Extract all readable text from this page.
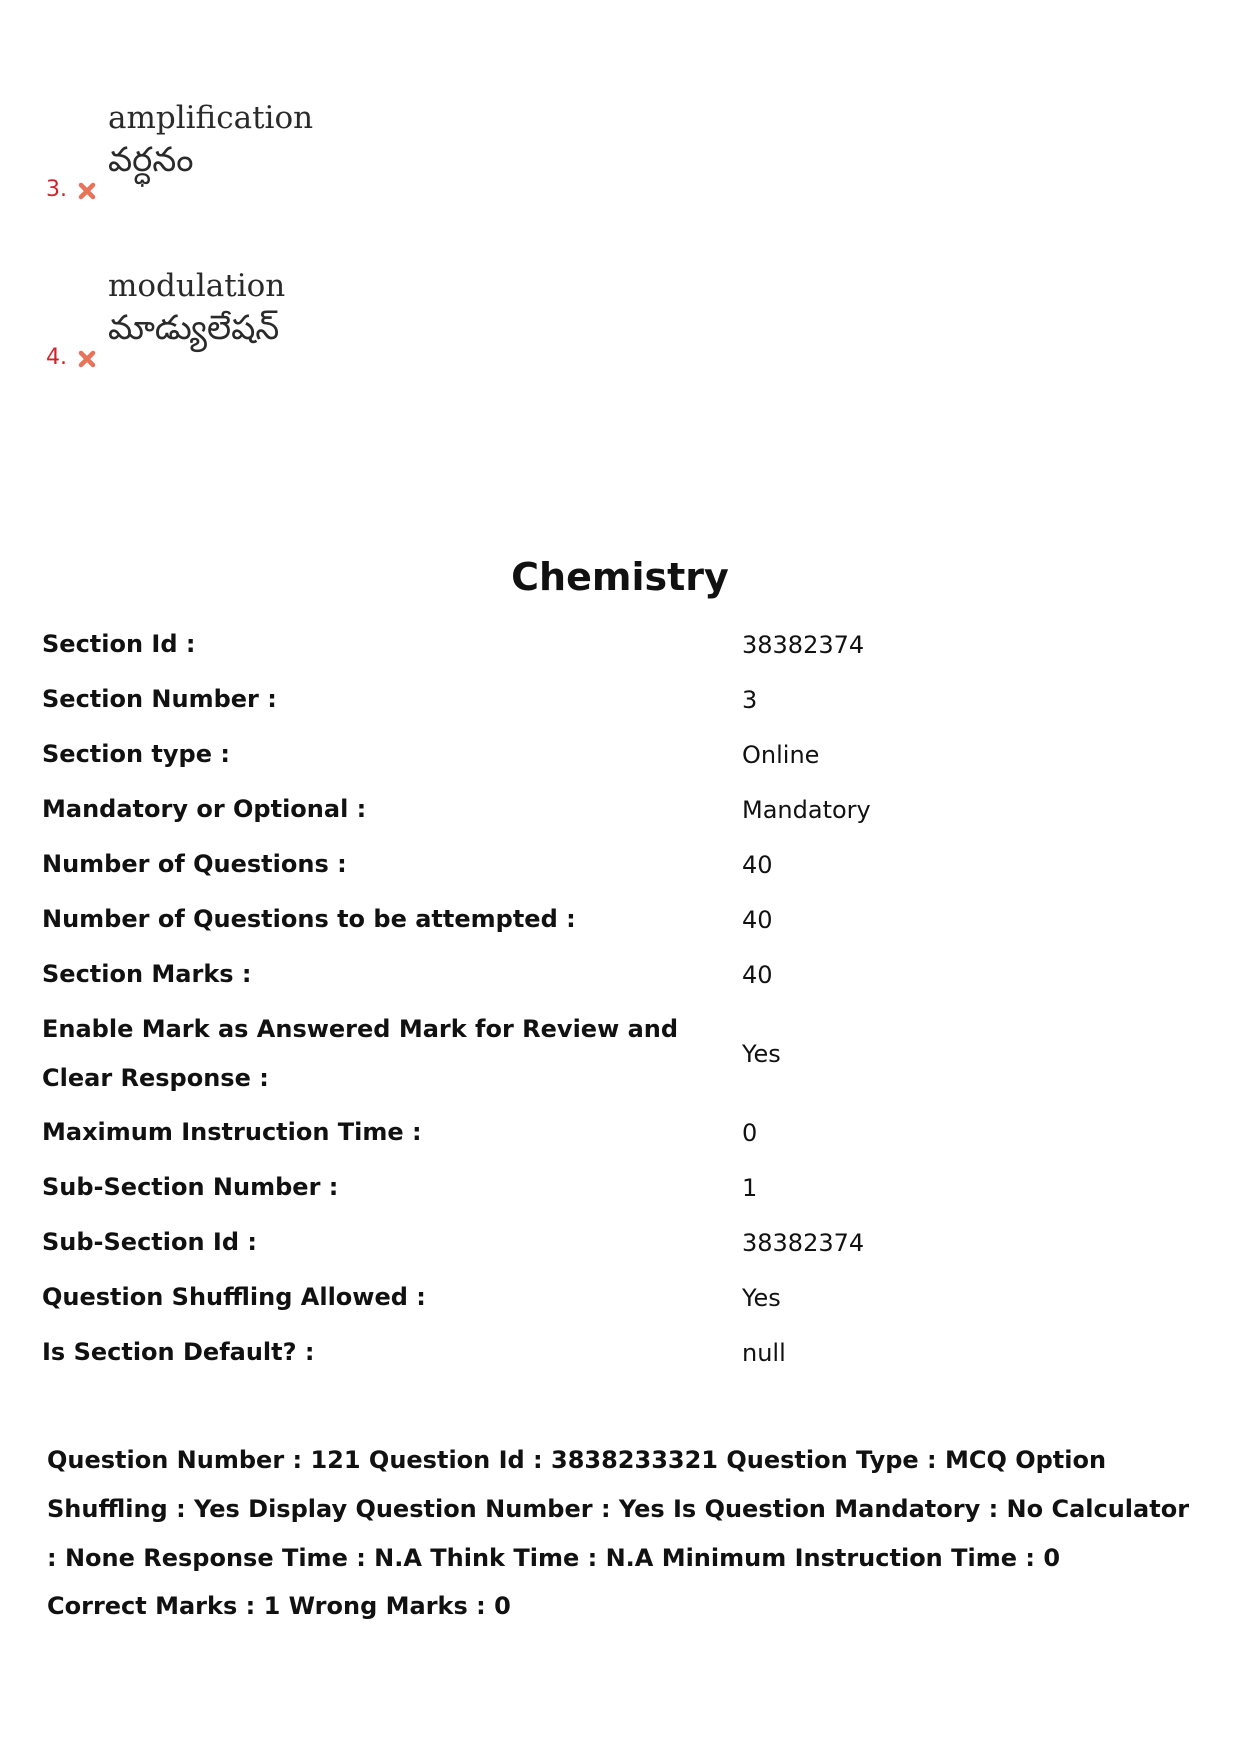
amplification
వర్ధనం
3.
modulation
మాడ్యులేషన్
4.
Chemistry
Section Id :	38382374
Section Number :	3
Section type :	Online
Mandatory or Optional :	Mandatory
Number of Questions :	40
Number of Questions to be attempted :	40
Section Marks :	40
Enable Mark as Answered Mark for Review and Clear Response :	Yes
Maximum Instruction Time :	0
Sub-Section Number :	1
Sub-Section Id :	38382374
Question Shuffling Allowed :	Yes
Is Section Default? :	null
Question Number : 121 Question Id : 3838233321 Question Type : MCQ Option Shuffling : Yes Display Question Number : Yes Is Question Mandatory : No Calculator : None Response Time : N.A Think Time : N.A Minimum Instruction Time : 0
Correct Marks : 1 Wrong Marks : 0
